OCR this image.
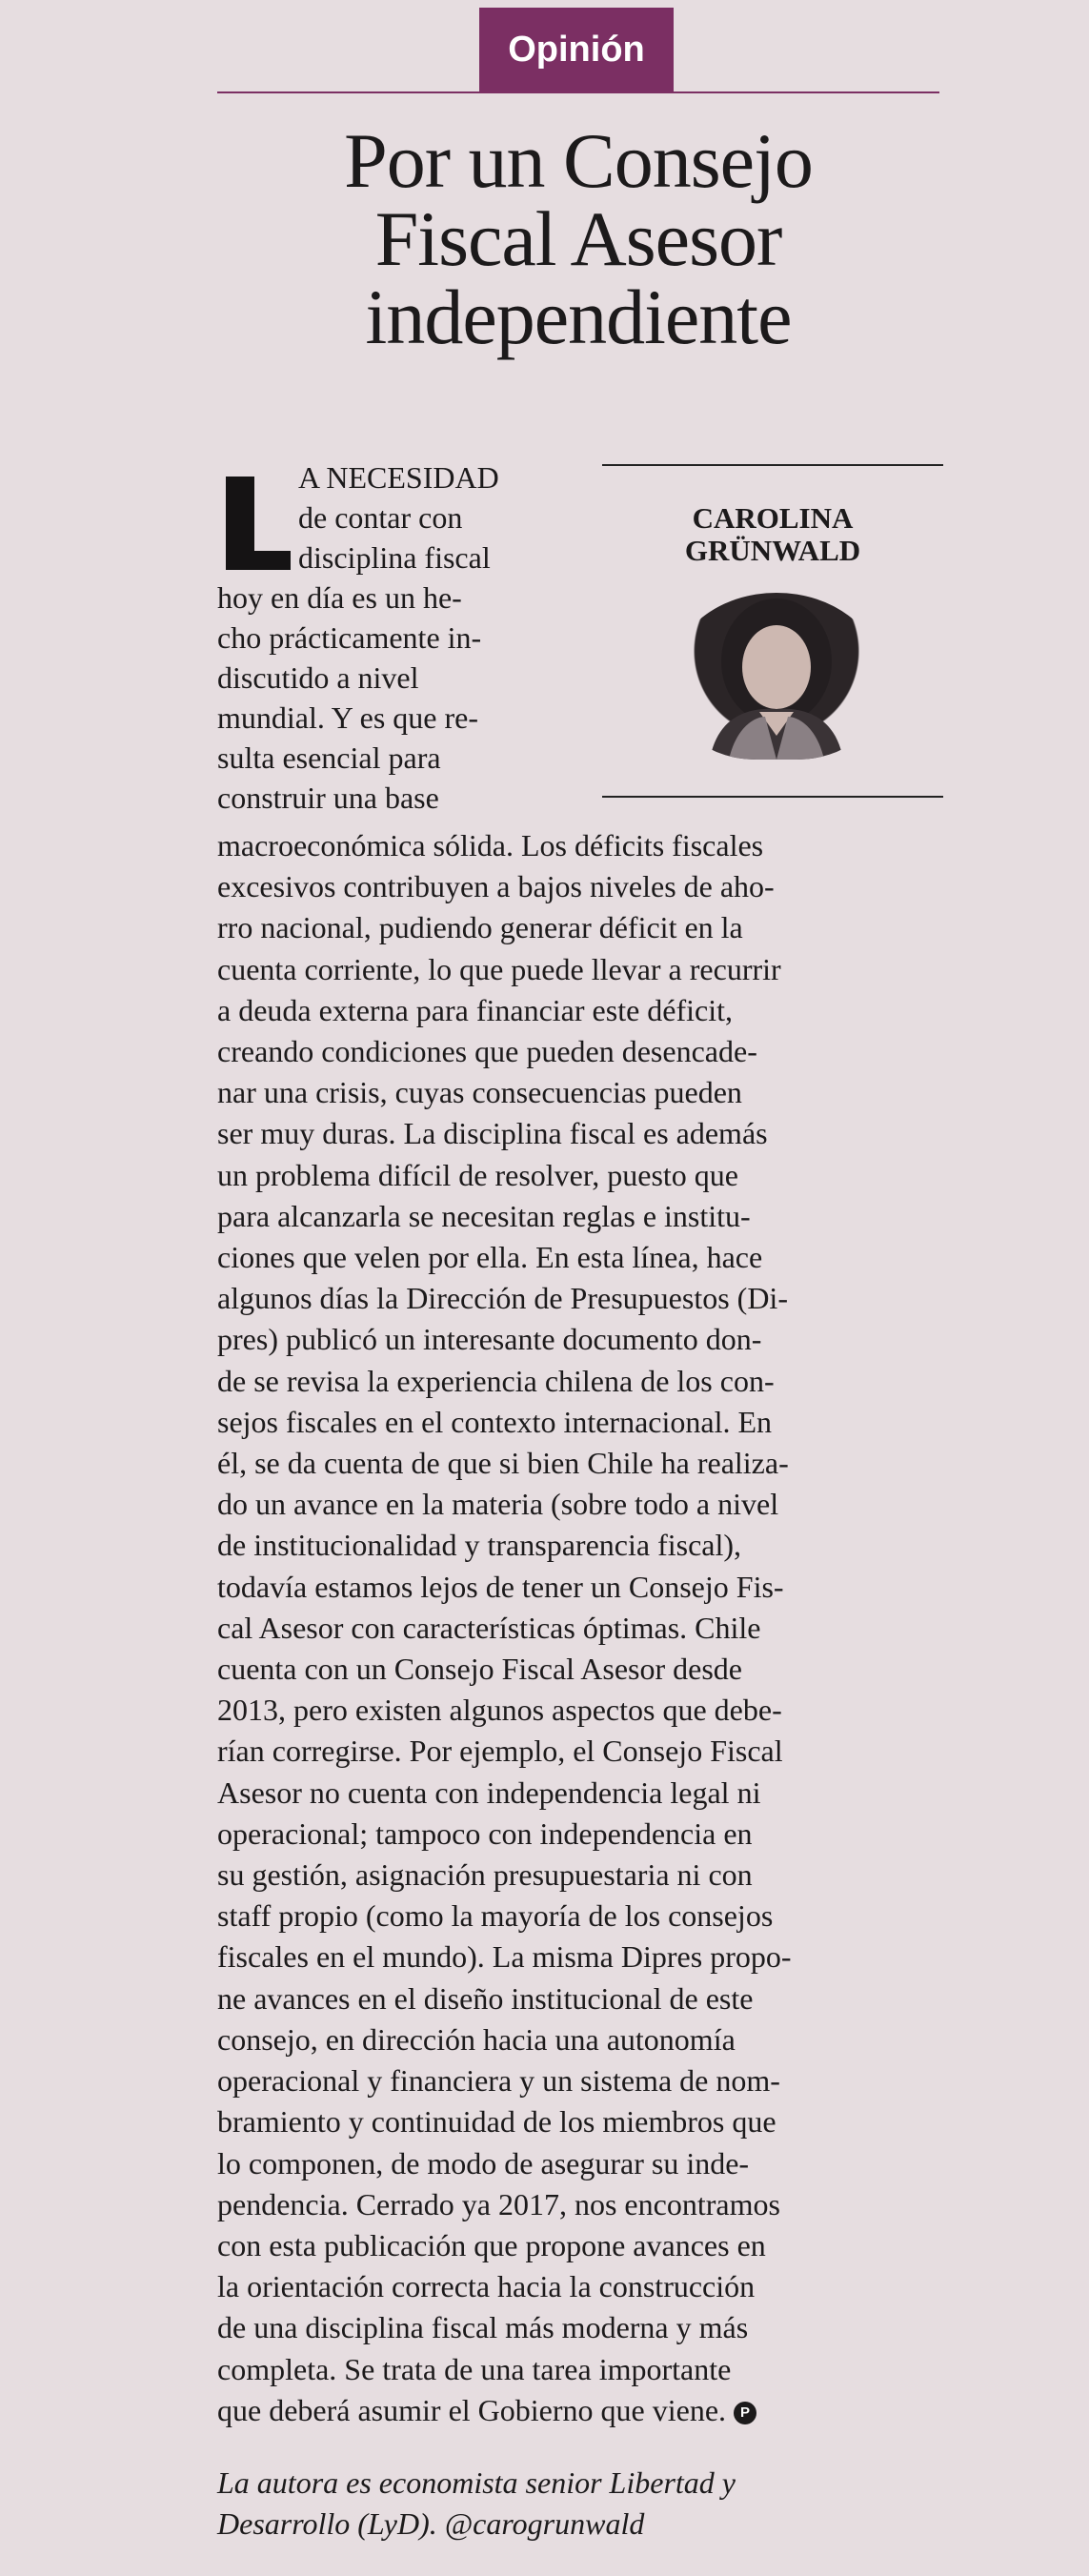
Opinión
Por un Consejo
Fiscal Asesor
independiente
CAROLINA
GRÜNWALD
A NECESIDAD
de contar con
disciplina fiscal
hoy en día es un he-
cho prácticamente in-
discutido a nivel
mundial. Y es que re-
sulta esencial para
construir una base
macroeconómica sólida. Los déficits fiscales
excesivos contribuyen a bajos niveles de aho-
rro nacional, pudiendo generar déficit en la
cuenta corriente, lo que puede llevar a recurrir
a deuda externa para financiar este déficit,
creando condiciones que pueden desencade-
nar una crisis, cuyas consecuencias pueden
ser muy duras. La disciplina fiscal es además
un problema difícil de resolver, puesto que
para alcanzarla se necesitan reglas e institu-
ciones que velen por ella. En esta línea, hace
algunos días la Dirección de Presupuestos (Di-
pres) publicó un interesante documento don-
de se revisa la experiencia chilena de los con-
sejos fiscales en el contexto internacional. En
él, se da cuenta de que si bien Chile ha realiza-
do un avance en la materia (sobre todo a nivel
de institucionalidad y transparencia fiscal),
todavía estamos lejos de tener un Consejo Fis-
cal Asesor con características óptimas. Chile
cuenta con un Consejo Fiscal Asesor desde
2013, pero existen algunos aspectos que debe-
rían corregirse. Por ejemplo, el Consejo Fiscal
Asesor no cuenta con independencia legal ni
operacional; tampoco con independencia en
su gestión, asignación presupuestaria ni con
staff propio (como la mayoría de los consejos
fiscales en el mundo). La misma Dipres propo-
ne avances en el diseño institucional de este
consejo, en dirección hacia una autonomía
operacional y financiera y un sistema de nom-
bramiento y continuidad de los miembros que
lo componen, de modo de asegurar su inde-
pendencia. Cerrado ya 2017, nos encontramos
con esta publicación que propone avances en
la orientación correcta hacia la construcción
de una disciplina fiscal más moderna y más
completa. Se trata de una tarea importante
que deberá asumir el Gobierno que viene. P
La autora es economista senior Libertad y
Desarrollo (LyD). @carogrunwald
